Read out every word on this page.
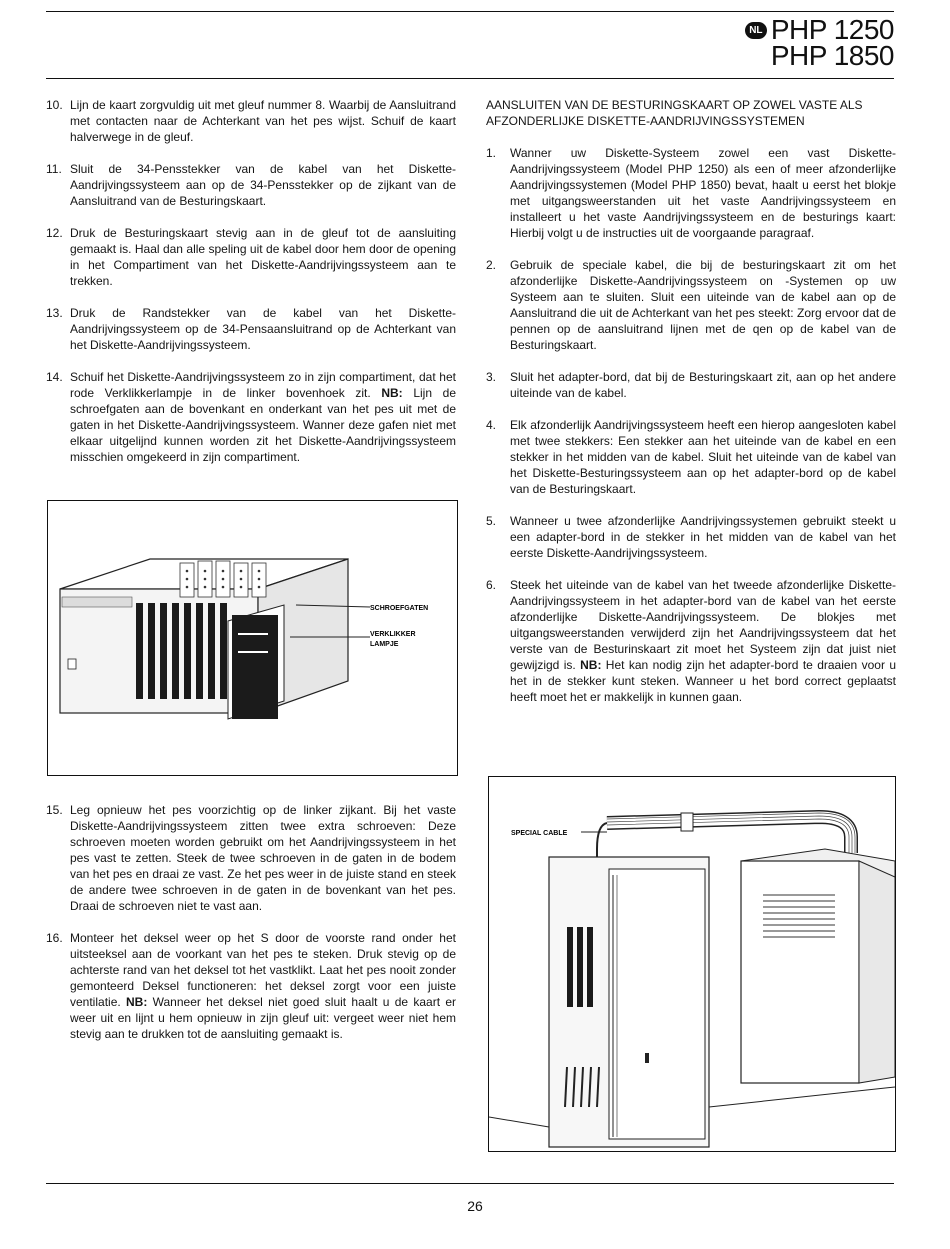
NL PHP 1250
PHP 1850
10. Lijn de kaart zorgvuldig uit met gleuf nummer 8. Waarbij de Aansluitrand met contacten naar de Achterkant van het pes wijst. Schuif de kaart halverwege in de gleuf.
11. Sluit de 34-Pensstekker van de kabel van het Diskette-Aandrijvingssysteem aan op de 34-Pensstekker op de zijkant van de Aansluitrand van de Besturingskaart.
12. Druk de Besturingskaart stevig aan in de gleuf tot de aansluiting gemaakt is. Haal dan alle speling uit de kabel door hem door de opening in het Compartiment van het Diskette-Aandrijvingssysteem aan te trekken.
13. Druk de Randstekker van de kabel van het Diskette-Aandrijvingssysteem op de 34-Pensaansluitrand op de Achterkant van het Diskette-Aandrijvingssysteem.
14. Schuif het Diskette-Aandrijvingssysteem zo in zijn compartiment, dat het rode Verklikkerlampje in de linker bovenhoek zit. NB: Lijn de schroefgaten aan de bovenkant en onderkant van het pes uit met de gaten in het Diskette-Aandrijvingssysteem. Wanner deze gafen niet met elkaar uitgelijnd kunnen worden zit het Diskette-Aandrijvingssysteem misschien omgekeerd in zijn compartiment.
SCHROEFGATEN
VERKLIKKER
LAMPJE
15. Leg opnieuw het pes voorzichtig op de linker zijkant. Bij het vaste Diskette-Aandrijvingssysteem zitten twee extra schroeven: Deze schroeven moeten worden gebruikt om het Aandrijvingssysteem in het pes vast te zetten. Steek de twee schroeven in de gaten in de bodem van het pes en draai ze vast. Ze het pes weer in de juiste stand en steek de andere twee schroeven in de gaten in de bovenkant van het pes. Draai de schroeven niet te vast aan.
16. Monteer het deksel weer op het S door de voorste rand onder het uitsteeksel aan de voorkant van het pes te steken. Druk stevig op de achterste rand van het deksel tot het vastklikt. Laat het pes nooit zonder gemonteerd Deksel functioneren: het deksel zorgt voor een juiste ventilatie. NB: Wanneer het deksel niet goed sluit haalt u de kaart er weer uit en lijnt u hem opnieuw in zijn gleuf uit: vergeet weer niet hem stevig aan te drukken tot de aansluiting gemaakt is.
AANSLUITEN VAN DE BESTURINGSKAART OP ZOWEL VASTE ALS AFZONDERLIJKE DISKETTE-AANDRIJVINGSSYSTEMEN
1.	Wanner uw Diskette-Systeem zowel een vast Diskette-Aandrijvingssysteem (Model PHP 1250) als een of meer afzonderlijke Aandrijvingssystemen (Model PHP 1850) bevat, haalt u eerst het blokje met uitgangsweerstanden uit het vaste Aandrijvingssysteem en installeert u het vaste Aandrijvingssysteem en de besturings kaart: Hierbij volgt u de instructies uit de voorgaande paragraaf.
2.	Gebruik de speciale kabel, die bij de besturingskaart zit om het afzonderlijke Diskette-Aandrijvingssysteem on -Systemen op uw Systeem aan te sluiten. Sluit een uiteinde van de kabel aan op de Aansluitrand die uit de Achterkant van het pes steekt: Zorg ervoor dat de pennen op de aansluitrand lijnen met de qen op de kabel van de Besturingskaart.
3.	Sluit het adapter-bord, dat bij de Besturingskaart zit, aan op het andere uiteinde van de kabel.
4.	Elk afzonderlijk Aandrijvingssysteem heeft een hierop aangesloten kabel met twee stekkers: Een stekker aan het uiteinde van de kabel en een stekker in het midden van de kabel. Sluit het uiteinde van de kabel van het Diskette-Besturingssysteem aan op het adapter-bord op de kabel van de Besturingskaart.
5.	Wanneer u twee afzonderlijke Aandrijvingssystemen gebruikt steekt u een adapter-bord in de stekker in het midden van de kabel van het eerste Diskette-Aandrijvingssysteem.
6.	Steek het uiteinde van de kabel van het tweede afzonderlijke Diskette-Aandrijvingssysteem in het adapter-bord van de kabel van het eerste afzonderlijke Diskette-Aandrijvingssysteem. De blokjes met uitgangsweerstanden verwijderd zijn het Aandrijvingssysteem dat het verste van de Besturinskaart zit moet het Systeem zijn dat juist niet gewijzigd is. NB: Het kan nodig zijn het adapter-bord te draaien voor u het in de stekker kunt steken. Wanneer u het bord correct geplaatst heeft moet het er makkelijk in kunnen gaan.
SPECIAL CABLE
26
